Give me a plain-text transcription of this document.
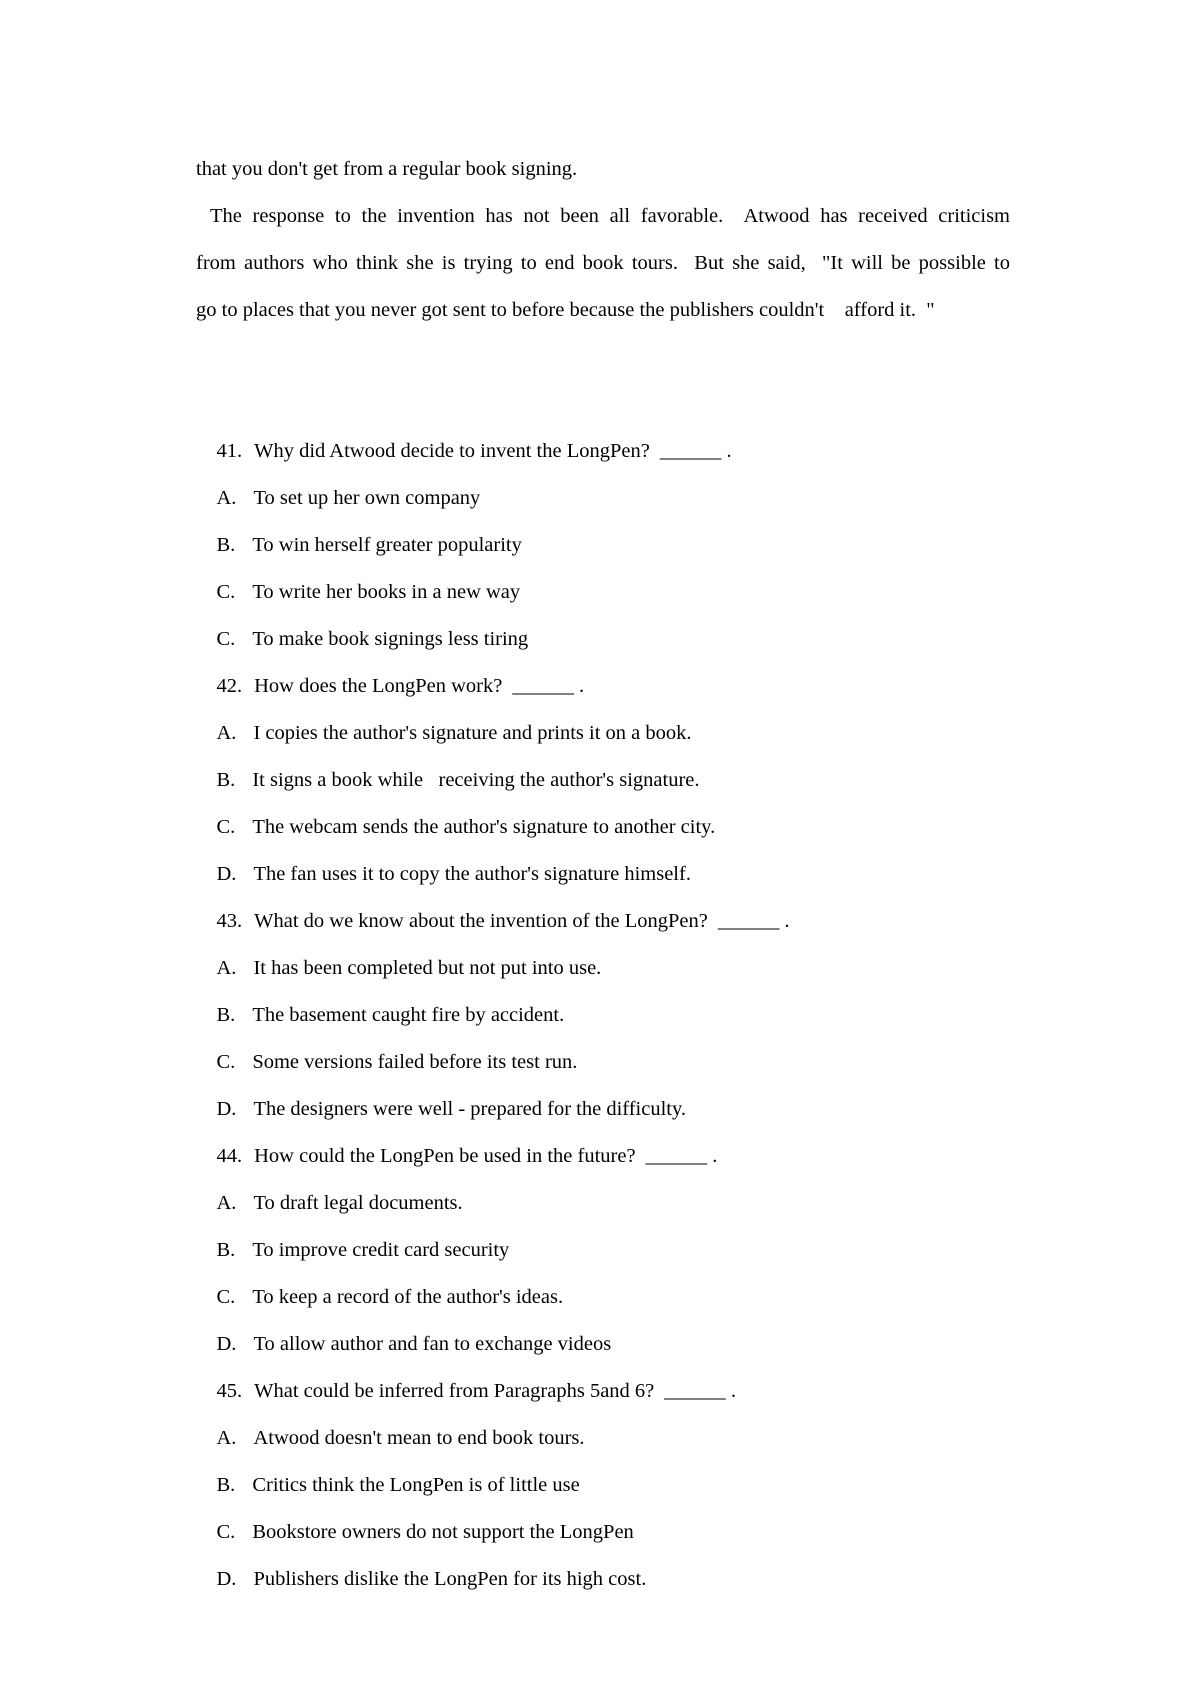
that you don't get from a regular book signing.
The response to the invention has not been all favorable.  Atwood has received criticism
from authors who think she is trying to end book tours.  But she said,  "It will be possible to
go to places that you never got sent to before because the publishers couldn't    afford it.  "

41. Why did Atwood decide to invent the LongPen? ______ .

A. To set up her own company

B. To win herself greater popularity

C. To write her books in a new way

C. To make book signings less tiring

42. How does the LongPen work? ______ .

A. I copies the author's signature and prints it on a book.

B. It signs a book while   receiving the author's signature.

C. The webcam sends the author's signature to another city.

D. The fan uses it to copy the author's signature himself.

43. What do we know about the invention of the LongPen? ______ .

A. It has been completed but not put into use.

B. The basement caught fire by accident.

C. Some versions failed before its test run.

D. The designers were well - prepared for the difficulty.

44. How could the LongPen be used in the future? ______ .

A. To draft legal documents.

B. To improve credit card security

C. To keep a record of the author's ideas.

D. To allow author and fan to exchange videos

45. What could be inferred from Paragraphs 5and 6? ______ .

A. Atwood doesn't mean to end book tours.

B. Critics think the LongPen is of little use

C. Bookstore owners do not support the LongPen

D. Publishers dislike the LongPen for its high cost.
